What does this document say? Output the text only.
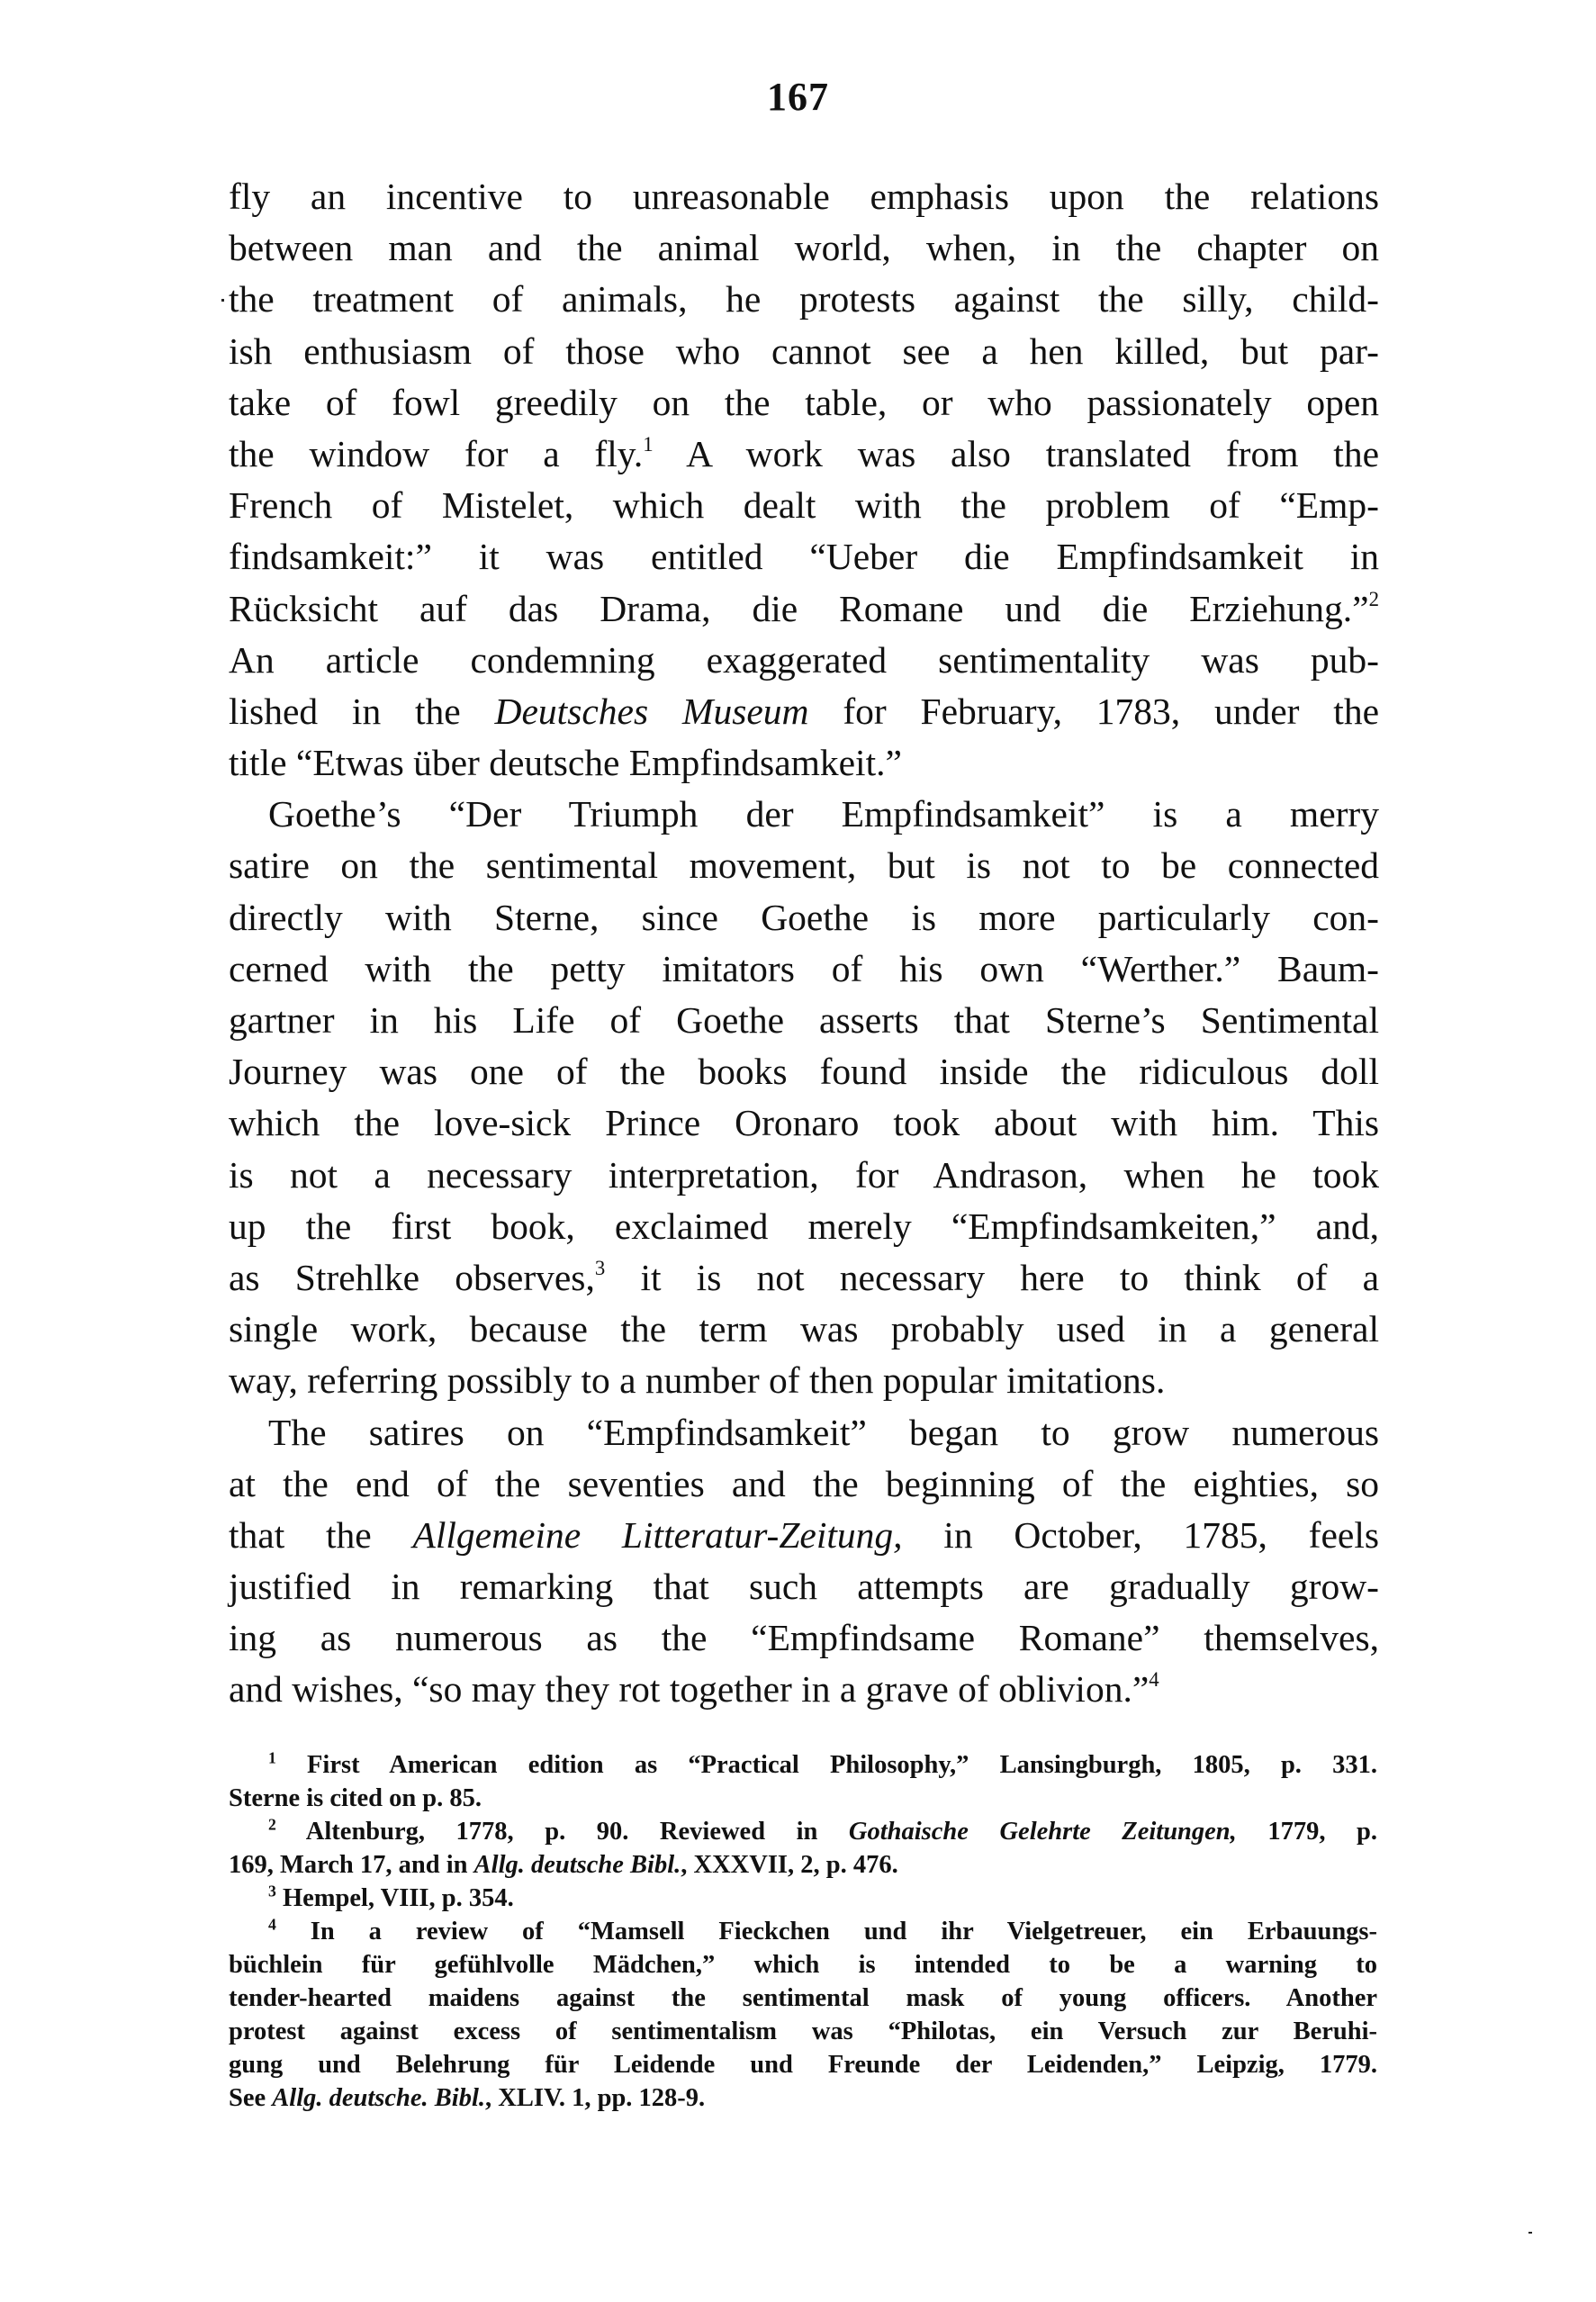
167
fly an incentive to unreasonable emphasis upon the relations
between man and the animal world, when, in the chapter on
the treatment of animals, he protests against the silly, child-
ish enthusiasm of those who cannot see a hen killed, but par-
take of fowl greedily on the table, or who passionately open
the window for a fly.$^1$ A work was also translated from the
French of Mistelet, which dealt with the problem of “Emp-
findsamkeit:” it was entitled “Ueber die Empfindsamkeit in
Rücksicht auf das Drama, die Romane und die Erziehung.”$^2$
An article condemning exaggerated sentimentality was pub-
lished in the Deutsches Museum for February, 1783, under the
title “Etwas über deutsche Empfindsamkeit.”
Goethe’s “Der Triumph der Empfindsamkeit” is a merry
satire on the sentimental movement, but is not to be connected
directly with Sterne, since Goethe is more particularly con-
cerned with the petty imitators of his own “Werther.” Baum-
gartner in his Life of Goethe asserts that Sterne’s Sentimental
Journey was one of the books found inside the ridiculous doll
which the love-sick Prince Oronaro took about with him. This
is not a necessary interpretation, for Andrason, when he took
up the first book, exclaimed merely “Empfindsamkeiten,” and,
as Strehlke observes,$^3$ it is not necessary here to think of a
single work, because the term was probably used in a general
way, referring possibly to a number of then popular imitations.
The satires on “Empfindsamkeit” began to grow numerous
at the end of the seventies and the beginning of the eighties, so
that the Allgemeine Litteratur-Zeitung, in October, 1785, feels
justified in remarking that such attempts are gradually grow-
ing as numerous as the “Empfindsame Romane” themselves,
and wishes, “so may they rot together in a grave of oblivion.”$^4$
$^1$ First American edition as “Practical Philosophy,” Lansingburgh, 1805, p. 331.
Sterne is cited on p. 85.
$^2$ Altenburg, 1778, p. 90. Reviewed in Gothaische Gelehrte Zeitungen, 1779, p.
169, March 17, and in Allg. deutsche Bibl., XXXVII, 2, p. 476.
$^3$ Hempel, VIII, p. 354.
$^4$ In a review of “Mamsell Fieckchen und ihr Vielgetreuer, ein Erbauungs-
büchlein für gefühlvolle Mädchen,” which is intended to be a warning to
tender-hearted maidens against the sentimental mask of young officers. Another
protest against excess of sentimentalism was “Philotas, ein Versuch zur Beruhi-
gung und Belehrung für Leidende und Freunde der Leidenden,” Leipzig, 1779.
See Allg. deutsche. Bibl., XLIV. 1, pp. 128-9.
